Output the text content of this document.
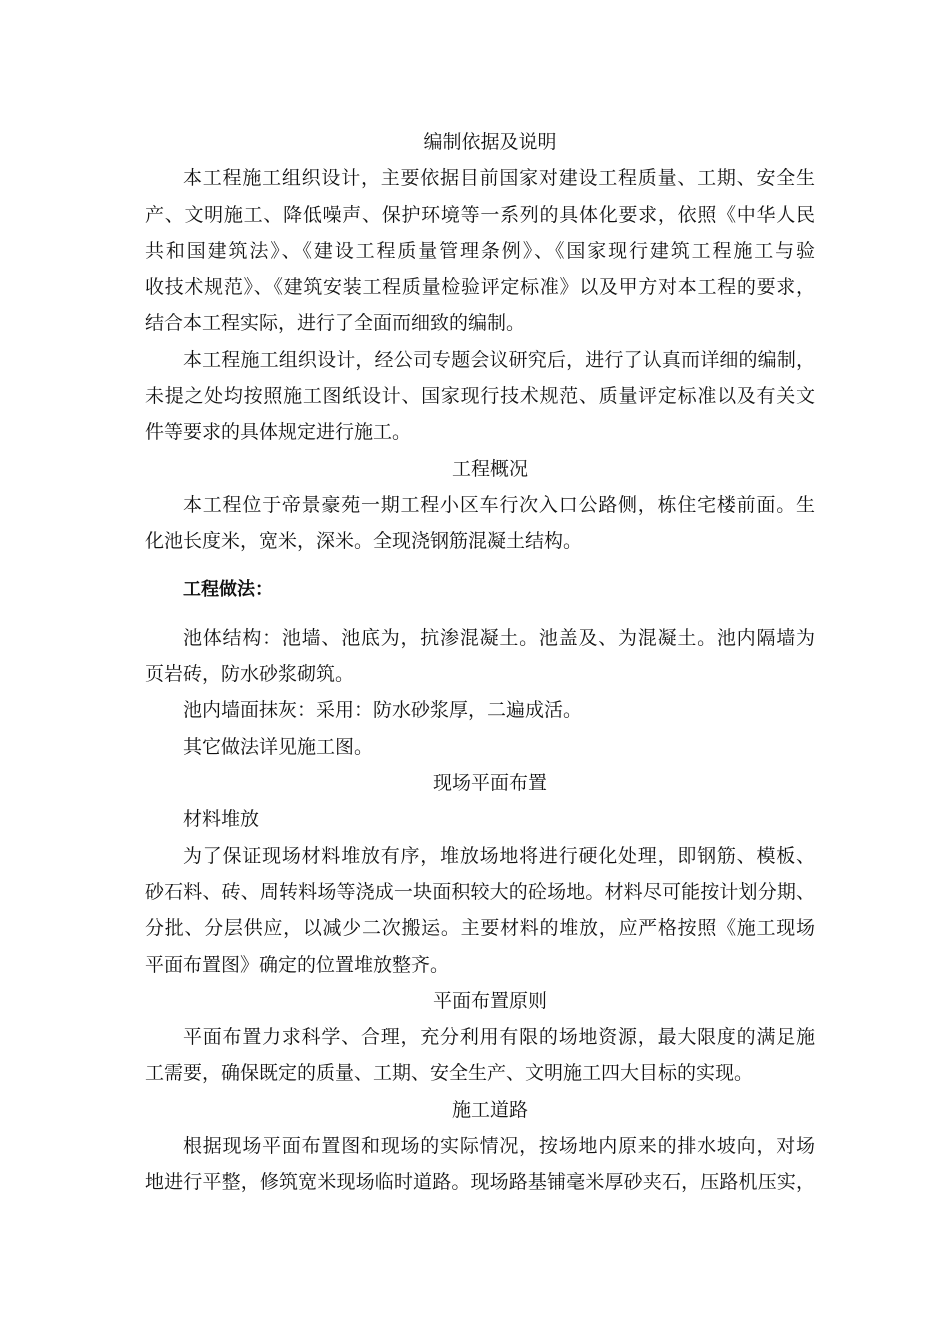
编制依据及说明
本工程施工组织设计，主要依据目前国家对建设工程质量、工期、安全生
产、文明施工、降低噪声、保护环境等一系列的具体化要求，依照《中华人民
共和国建筑法》、《建设工程质量管理条例》、《国家现行建筑工程施工与验
收技术规范》、《建筑安装工程质量检验评定标准》以及甲方对本工程的要求，
结合本工程实际，进行了全面而细致的编制。
本工程施工组织设计，经公司专题会议研究后，进行了认真而详细的编制，
未提之处均按照施工图纸设计、国家现行技术规范、质量评定标准以及有关文
件等要求的具体规定进行施工。
工程概况
本工程位于帝景豪苑一期工程小区车行次入口公路侧，栋住宅楼前面。生
化池长度米，宽米，深米。全现浇钢筋混凝土结构。
工程做法：
池体结构：池墙、池底为，抗渗混凝土。池盖及、为混凝土。池内隔墙为
页岩砖，防水砂浆砌筑。
池内墙面抹灰：采用：防水砂浆厚，二遍成活。
其它做法详见施工图。
现场平面布置
材料堆放
为了保证现场材料堆放有序，堆放场地将进行硬化处理，即钢筋、模板、
砂石料、砖、周转料场等浇成一块面积较大的砼场地。材料尽可能按计划分期、
分批、分层供应，以减少二次搬运。主要材料的堆放，应严格按照《施工现场
平面布置图》确定的位置堆放整齐。
平面布置原则
平面布置力求科学、合理，充分利用有限的场地资源，最大限度的满足施
工需要，确保既定的质量、工期、安全生产、文明施工四大目标的实现。
施工道路
根据现场平面布置图和现场的实际情况，按场地内原来的排水坡向，对场
地进行平整，修筑宽米现场临时道路。现场路基铺毫米厚砂夹石，压路机压实，
